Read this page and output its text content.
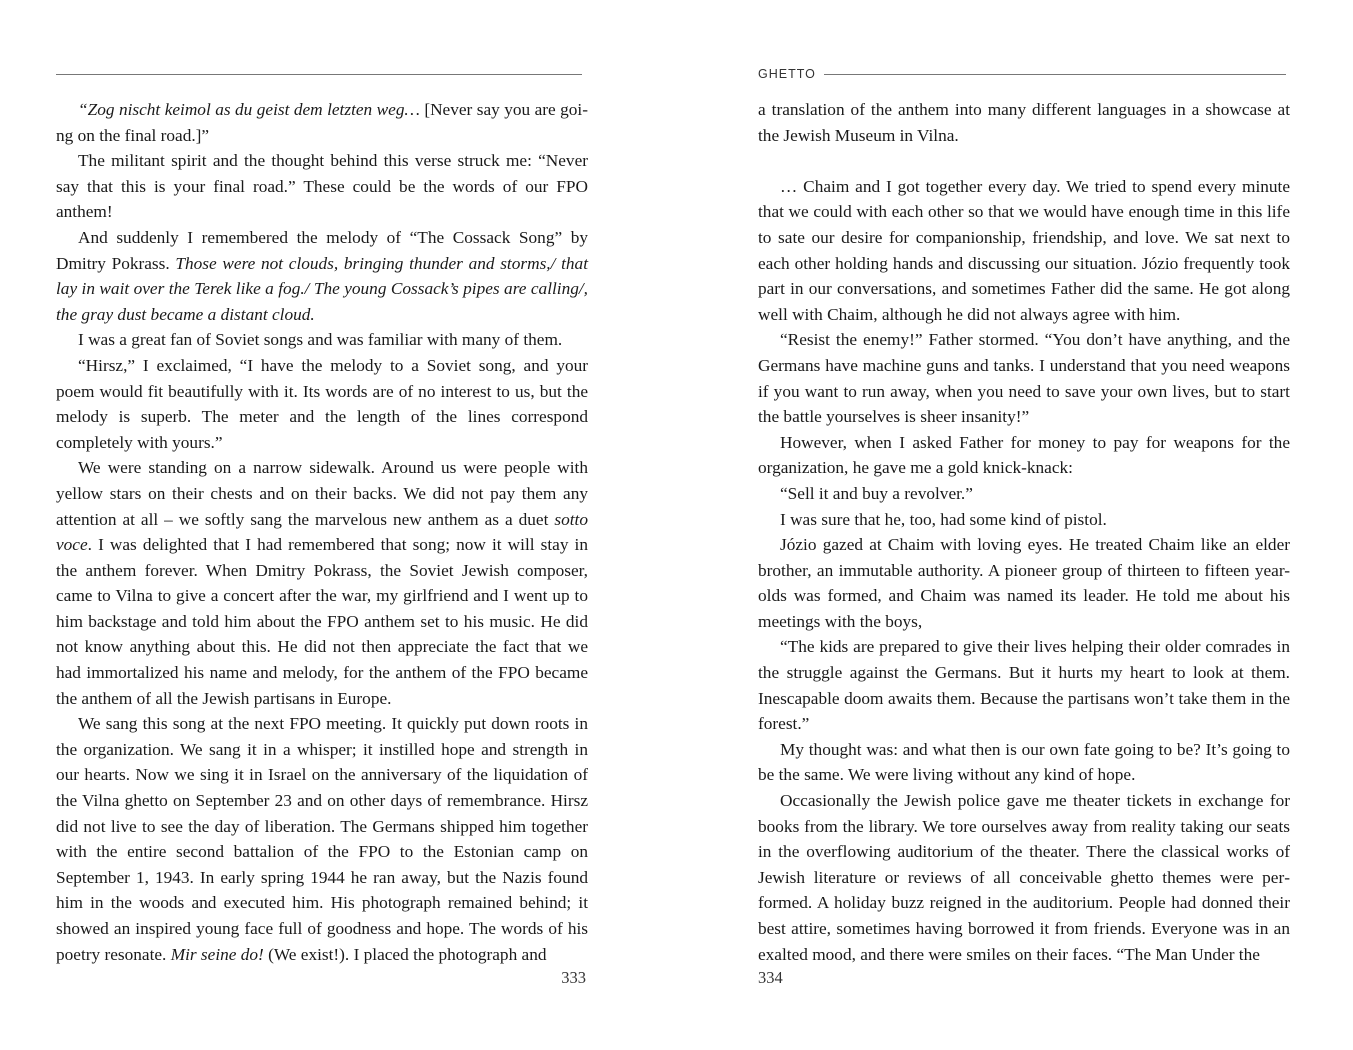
“Zog nischt keimol as du geist dem letzten weg… [Never say you are going on the final road.]”

The militant spirit and the thought behind this verse struck me: “Never say that this is your final road.” These could be the words of our FPO anthem!

And suddenly I remembered the melody of “The Cossack Song” by Dmitry Pokrass. Those were not clouds, bringing thunder and storms,/ that lay in wait over the Terek like a fog./ The young Cossack’s pipes are calling/, the gray dust became a distant cloud.

I was a great fan of Soviet songs and was familiar with many of them.

“Hirsz,” I exclaimed, “I have the melody to a Soviet song, and your poem would fit beautifully with it. Its words are of no interest to us, but the melody is superb. The meter and the length of the lines correspond completely with yours.”

We were standing on a narrow sidewalk. Around us were people with yellow stars on their chests and on their backs. We did not pay them any attention at all – we softly sang the marvelous new anthem as a duet sotto voce. I was delighted that I had remembered that song; now it will stay in the anthem forever. When Dmitry Pokrass, the Soviet Jewish composer, came to Vilna to give a concert after the war, my girlfriend and I went up to him backstage and told him about the FPO anthem set to his music. He did not know anything about this. He did not then appreciate the fact that we had immortalized his name and melody, for the anthem of the FPO became the anthem of all the Jewish partisans in Europe.

We sang this song at the next FPO meeting. It quickly put down roots in the organization. We sang it in a whisper; it instilled hope and strength in our hearts. Now we sing it in Israel on the anniversary of the liquidation of the Vilna ghetto on September 23 and on other days of remembrance. Hirsz did not live to see the day of liberation. The Germans shipped him together with the entire second battalion of the FPO to the Estonian camp on September 1, 1943. In early spring 1944 he ran away, but the Nazis found him in the woods and executed him. His photograph remained behind; it showed an inspired young face full of goodness and hope. The words of his poetry resonate. Mir seine do! (We exist!). I placed the photograph and

333
GHETTO

a translation of the anthem into many different languages in a showcase at the Jewish Museum in Vilna.

… Chaim and I got together every day. We tried to spend every minute that we could with each other so that we would have enough time in this life to sate our desire for companionship, friendship, and love. We sat next to each other holding hands and discussing our situation. Józio frequently took part in our conversations, and sometimes Father did the same. He got along well with Chaim, although he did not always agree with him.

“Resist the enemy!” Father stormed. “You don’t have anything, and the Germans have machine guns and tanks. I understand that you need weapons if you want to run away, when you need to save your own lives, but to start the battle yourselves is sheer insanity!”

However, when I asked Father for money to pay for weapons for the organization, he gave me a gold knick-knack:

“Sell it and buy a revolver.”

I was sure that he, too, had some kind of pistol.

Józio gazed at Chaim with loving eyes. He treated Chaim like an elder brother, an immutable authority. A pioneer group of thirteen to fifteen year-olds was formed, and Chaim was named its leader. He told me about his meetings with the boys,

“The kids are prepared to give their lives helping their older comrades in the struggle against the Germans. But it hurts my heart to look at them. Inescapable doom awaits them. Because the partisans won’t take them in the forest.”

My thought was: and what then is our own fate going to be? It’s going to be the same. We were living without any kind of hope.

Occasionally the Jewish police gave me theater tickets in exchange for books from the library. We tore ourselves away from reality taking our seats in the overflowing auditorium of the theater. There the classical works of Jewish literature or reviews of all conceivable ghetto themes were performed. A holiday buzz reigned in the auditorium. People had donned their best attire, sometimes having borrowed it from friends. Everyone was in an exalted mood, and there were smiles on their faces. “The Man Under the

334
